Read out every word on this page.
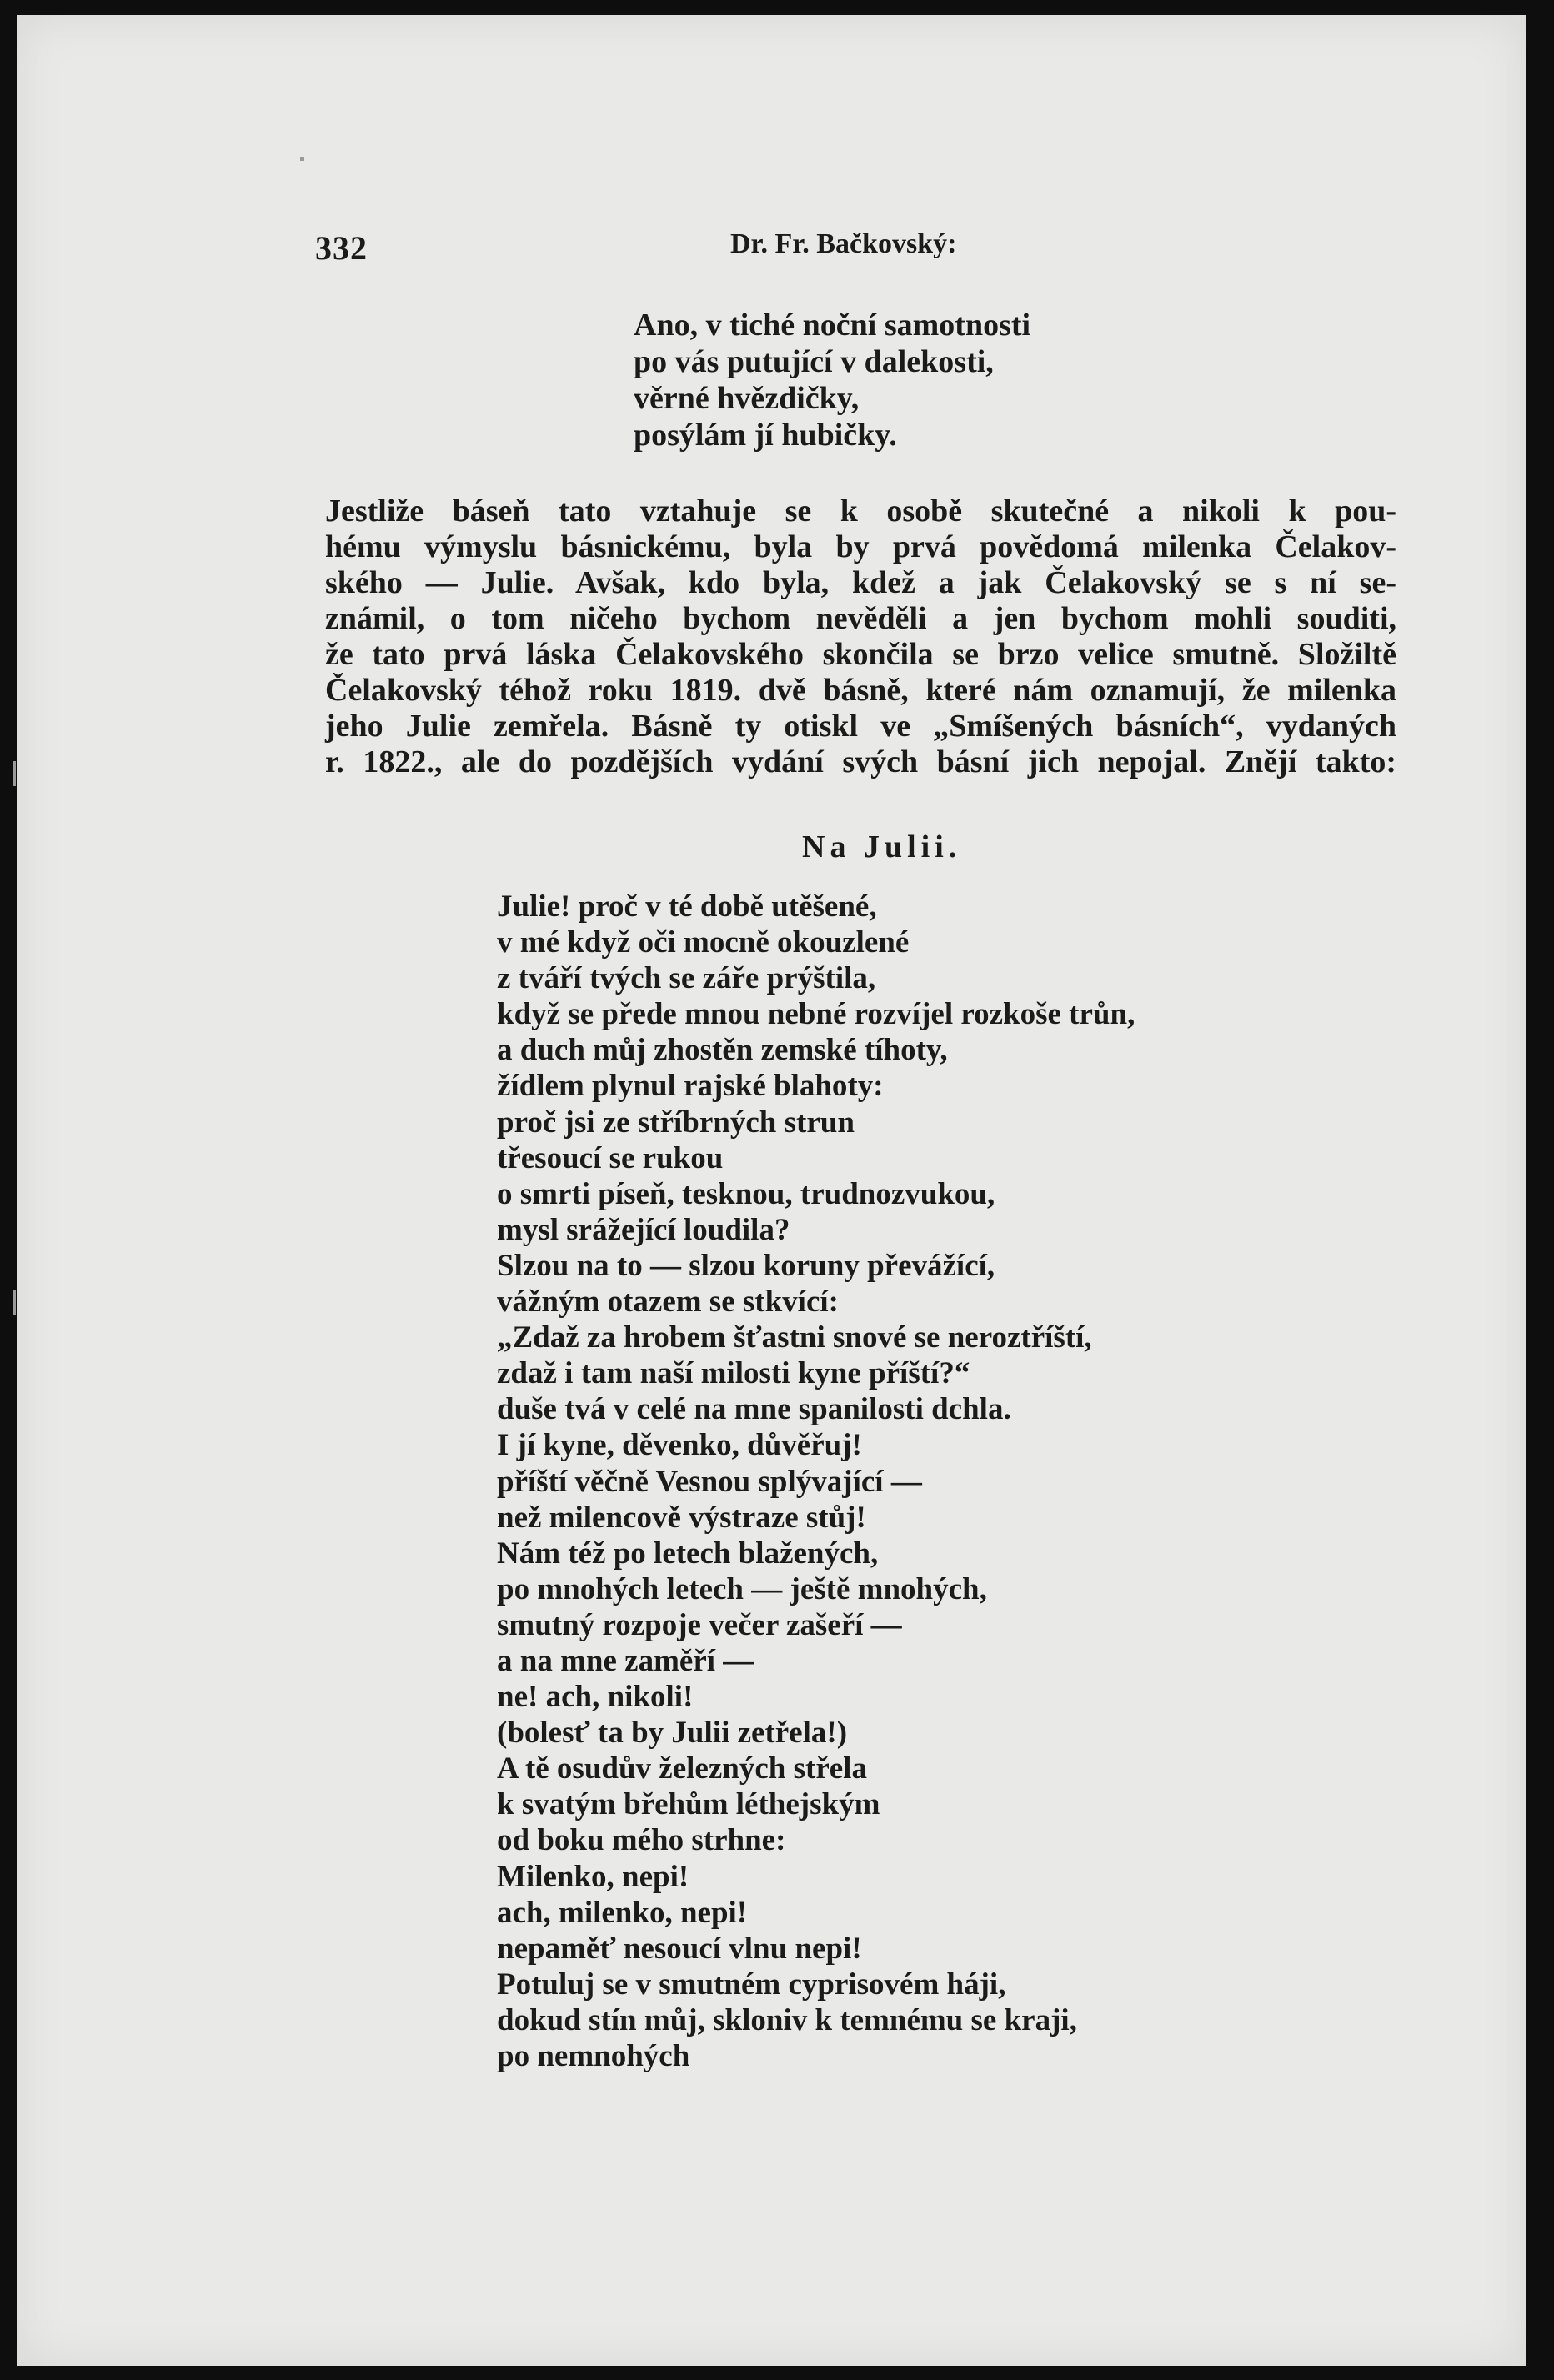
332	Dr. Fr. Bačkovský:
Ano, v tiché noční samotnosti
po vás putující v dalekosti,
věrné hvězdičky,
posýlám jí hubičky.
Jestliže báseň tato vztahuje se k osobě skutečné a nikoli k pou-
hému výmyslu básnickému, byla by prvá povědomá milenka Čelakov-
ského — Julie. Avšak, kdo byla, kdež a jak Čelakovský se s ní se-
známil, o tom ničeho bychom nevěděli a jen bychom mohli souditi,
že tato prvá láska Čelakovského skončila se brzo velice smutně. Složiltě
Čelakovský téhož roku 1819. dvě básně, které nám oznamují, že milenka
jeho Julie zemřela. Básně ty otiskl ve „Smíšených básních“, vydaných
r. 1822., ale do pozdějších vydání svých básní jich nepojal. Znějí takto:
Na Julii.
Julie! proč v té době utěšené,
v mé když oči mocně okouzlené
z tváří tvých se záře prýštila,
když se přede mnou nebné rozvíjel rozkoše trůn,
a duch můj zhostěn zemské tíhoty,
žídlem plynul rajské blahoty:
proč jsi ze stříbrných strun
třesoucí se rukou
o smrti píseň, tesknou, trudnozvukou,
mysl srážející loudila?
Slzou na to — slzou koruny převážící,
vážným otazem se stkvící:
„Zdaž za hrobem šťastni snové se neroztříští,
zdaž i tam naší milosti kyne příští?“
duše tvá v celé na mne spanilosti dchla.
I jí kyne, děvenko, důvěřuj!
příští věčně Vesnou splývající —
než milencově výstraze stůj!
Nám též po letech blažených,
po mnohých letech — ještě mnohých,
smutný rozpoje večer zašeří —
a na mne zaměří —
ne! ach, nikoli!
(bolesť ta by Julii zetřela!)
A tě osudův železných střela
k svatým břehům léthejským
od boku mého strhne:
Milenko, nepi!
ach, milenko, nepi!
nepaměť nesoucí vlnu nepi!
Potuluj se v smutném cyprisovém háji,
dokud stín můj, skloniv k temnému se kraji,
po nemnohých
